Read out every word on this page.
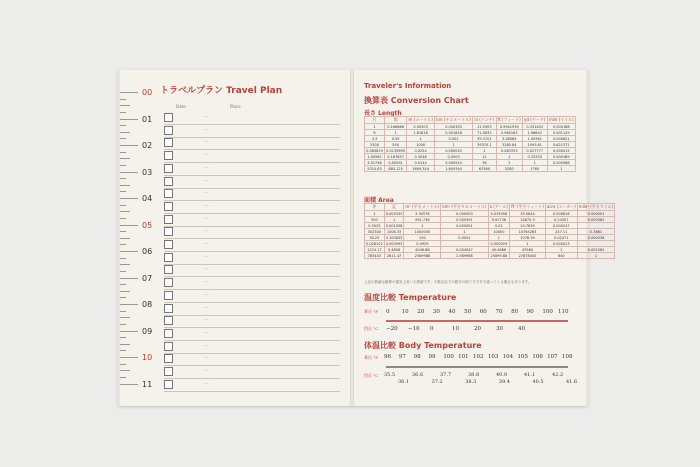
00
01
02
03
04
05
06
07
08
09
10
11
トラベルプラン Travel Plan
Date	Place
—
—
—
—
—
—
—
—
—
—
—
—
—
—
—
—
—
—
—
—
—
—
Traveler's Information
換算表 Conversion Chart
長さ Length
尺	間	m (メートル)	km (キロメートル)	in (インチ)	ft (フィート)	yd (ヤード)	mile (マイル)
1	0.166666	0.30303	0.000303	11.9303	0.9941939	0.331403	0.000188
6	1	1.81818	0.001818	71.5832	5.965163	1.98842	0.001129
3.3	0.55	1	0.001	39.3701	3.28084	1.09361	0.000621
3300	550	1000	1	39370.1	3280.84	1093.61	0.621371
0.083819	0.0139695	0.0254	0.000025	1	0.083333	0.027777	0.000015
1.00582	0.167637	0.3048	0.0003	12	1	0.33333	0.000189
3.01746	0.50291	0.9144	0.000914	36	3	1	0.000568
5310.83	885.125	1609.344	1.609344	63360	5280	1760	1
面積 Area
坪	反	m² (平方メートル)	km² (平方キロメートル)	a (アール)	ft² (平方フィート)	acre (エーカー)	mile² (平方マイル)
1	0.003333	3.30578	0.000003	0.033058	35.5844	0.000816	0.000001
300	1	991.736	0.000991	9.91736	10675.3	0.24507	0.000382
0.3025	0.001008	1	0.000001	0.01	10.7639	0.000247	
302500	1008.33	1000000	1	10000	10764263	247.11	0.3861
30.25	0.100833	100	0.0001	1	1076.39	0.02471	0.000038
0.028102	0.000093	0.0929		0.000929	1	0.000023	
1224.17	0.4806	4046.86	0.004047	40.4686	43560	1	0.001562
783443	2611.47	2589988	2.589988	25899.88	27878400	640	1
上記の数値は換算の便宜上用いた数値です。小数点以下の数字の取り方で多少違ってくる場合もあります。
温度比較 Temperature
華氏 °F
摂氏 °C
0 10 20 30 40 50 60 70 80 90 100 110
−20 −10 0	10	20	30	40
体温比較 Body Temperature
華氏 °F
摂氏 °C
96 97 98 99 100 101 102 103 104 105 106 107 108
35.5	36.6	37.7	38.8	40.0	41.1	42.2
36.1	37.2	38.3	39.4	40.5	41.6
